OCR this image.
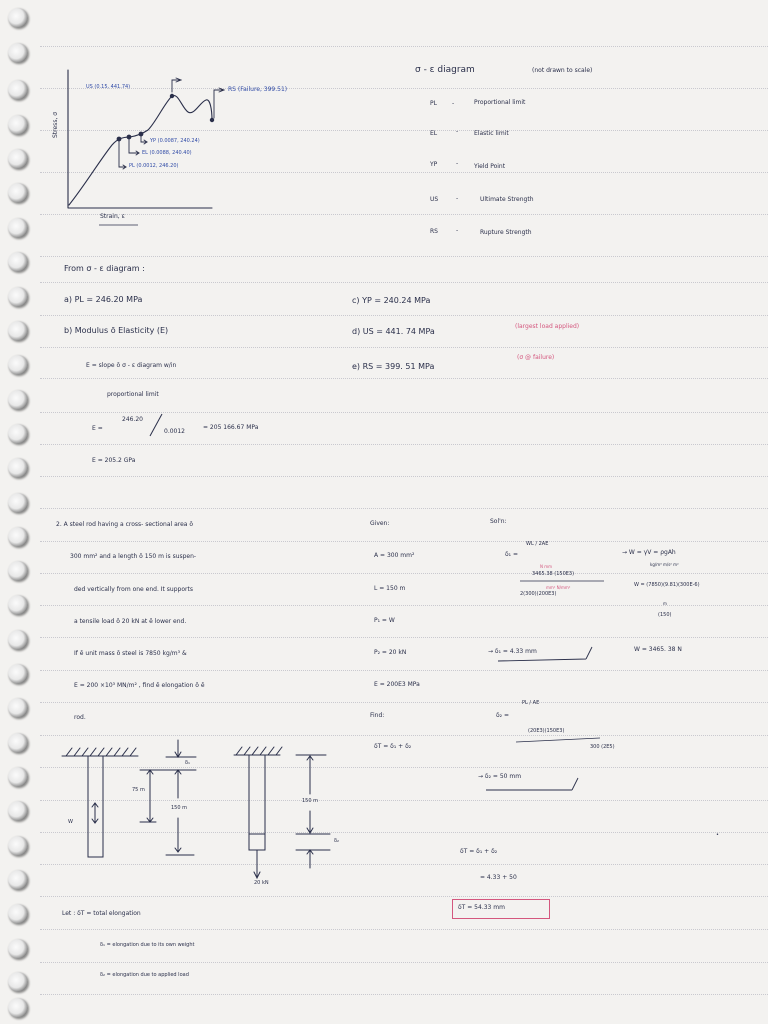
Stress, σ
Strain, ε
US (0.15, 441.74)	RS (Failure, 399.51)
YP (0.0087, 240.24)
EL (0.0088, 240.40)
PL (0.0012, 246.20)
σ - ε diagram	(not drawn to scale)
PL	-	Proportional limit
EL	-	Elastic limit
YP	-	Yield Point
US	-	Ultimate Strength
RS	-	Rupture Strength
From σ - ε diagram :
a) PL = 246.20 MPa
b) Modulus ō Elasticity (E)
E = slope ō σ - ε diagram w/in
proportional limit
E =
246.20
0.0012
= 205 166.67 MPa
E = 205.2 GPa
c) YP = 240.24 MPa
d) US = 441. 74 MPa
(largest load applied)
e) RS = 399. 51 MPa
(σ @ failure)
2. A steel rod having a cross- sectional area ō
300 mm² and a length ō 150 m is suspen-
ded vertically from one end. It supports
a tensile load ō 20 kN at ē lower end.
If ē unit mass ō steel is 7850 kg/m³ &
E = 200 ×10³ MN/m² , find ē elongation ō ē
rod.
Given:
A = 300 mm²
L = 150 m
P₁ = W
P₂ = 20 kN
E = 200E3 MPa
Find:
δT = δ₁ + δ₂
Sol'n:
δ₁ =
WL / 2AE
N mm
3465.38 (150E3)
mm² N/mm²
2(300)(200E3)
→ W = γV = ρgAh
kg/m³ m/s² m²
W = (7850)(9.81)(300E-6)
m
(150)
→ δ₁ = 4.33 mm	W = 3465. 38 N
δ₂ =
PL / AE
(20E3)(150E3)
300 (2E5)
→ δ₂ = 50 mm
δT = δ₁ + δ₂
= 4.33 + 50
δT = 54.33 mm
•
75 m
150 m
W
δ₁
150 m
δ₂
20 kN
Let : δT = total elongation
δ₁ = elongation due to its own weight
δ₂ = elongation due to applied load
